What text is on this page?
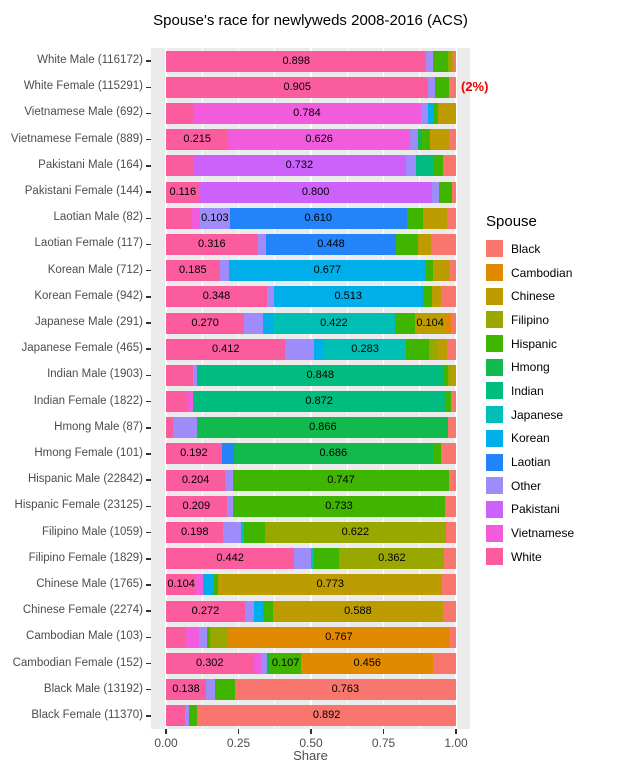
Spouse's race for newlyweds 2008-2016 (ACS)
0.898
0.905
0.784
0.215	0.626
0.732
0.116	0.800
0.103	0.610
0.316	0.448
0.185	0.677
0.348	0.513
0.270	0.422	0.104
0.412	0.283
0.848
0.872
0.866
0.192	0.686
0.204	0.747
0.209	0.733
0.198	0.622
0.442	0.362
0.104	0.773
0.272	0.588
0.767
0.302	0.107	0.456
0.138	0.763
0.892
White Male (116172)
White Female (115291)
Vietnamese Male (692)
Vietnamese Female (889)
Pakistani Male (164)
Pakistani Female (144)
Laotian Male (82)
Laotian Female (117)
Korean Male (712)
Korean Female (942)
Japanese Male (291)
Japanese Female (465)
Indian Male (1903)
Indian Female (1822)
Hmong Male (87)
Hmong Female (101)
Hispanic Male (22842)
Hispanic Female (23125)
Filipino Male (1059)
Filipino Female (1829)
Chinese Male (1765)
Chinese Female (2274)
Cambodian Male (103)
Cambodian Female (152)
Black Male (13192)
Black Female (11370)
0.00	0.25	0.50	0.75	1.00
Share
(2%)
Spouse
Black
Cambodian
Chinese
Filipino
Hispanic
Hmong
Indian
Japanese
Korean
Laotian
Other
Pakistani
Vietnamese
White
